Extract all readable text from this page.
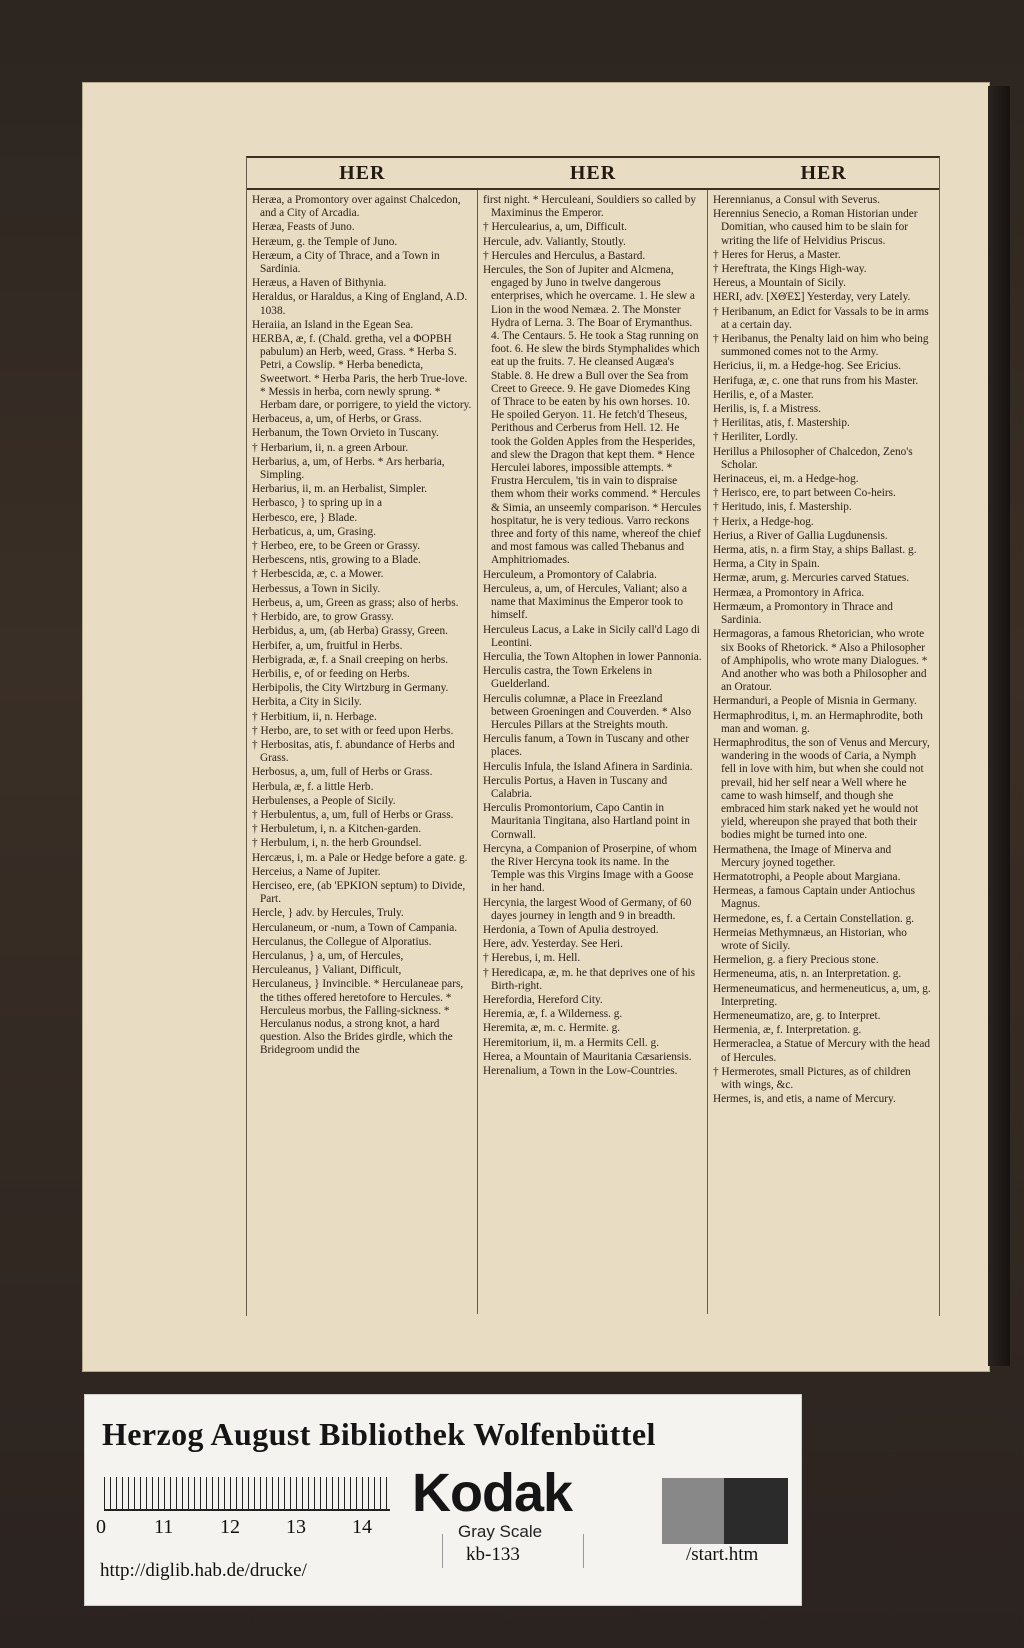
HER	HER	HER

Heræa, a Promontory over against Chalcedon, and a City of Arcadia.

Heræa, Feasts of Juno.

Heræum, g. the Temple of Juno.

Heræum, a City of Thrace, and a Town in Sardinia.

Heræus, a Haven of Bithynia.

Heraldus, or Haraldus, a King of England, A.D. 1038.

Heraiia, an Island in the Egean Sea.

HERBA, æ, f. (Chald. gretha, vel a ΦΟΡΒΗ pabulum) an Herb, weed, Grass. * Herba S. Petri, a Cowslip. * Herba benedicta, Sweetwort. * Herba Paris, the herb True-love. * Messis in herba, corn newly sprung. * Herbam dare, or porrigere, to yield the victory.

Herbaceus, a, um, of Herbs, or Grass.

Herbanum, the Town Orvieto in Tuscany.

† Herbarium, ii, n. a green Arbour.

Herbarius, a, um, of Herbs. * Ars herbaria, Simpling.

Herbarius, ii, m. an Herbalist, Simpler.

Herbasco, } to spring up in a

Herbesco, ere, } Blade.

Herbaticus, a, um, Grasing.

† Herbeo, ere, to be Green or Grassy.

Herbescens, ntis, growing to a Blade.

† Herbescida, æ, c. a Mower.

Herbessus, a Town in Sicily.

Herbeus, a, um, Green as grass; also of herbs.

† Herbido, are, to grow Grassy.

Herbidus, a, um, (ab Herba) Grassy, Green.

Herbifer, a, um, fruitful in Herbs.

Herbigrada, æ, f. a Snail creeping on herbs.

Herbilis, e, of or feeding on Herbs.

Herbipolis, the City Wirtzburg in Germany.

Herbita, a City in Sicily.

† Herbitium, ii, n. Herbage.

† Herbo, are, to set with or feed upon Herbs.

† Herbositas, atis, f. abundance of Herbs and Grass.

Herbosus, a, um, full of Herbs or Grass.

Herbula, æ, f. a little Herb.

Herbulenses, a People of Sicily.

† Herbulentus, a, um, full of Herbs or Grass.

† Herbuletum, i, n. a Kitchen-garden.

† Herbulum, i, n. the herb Groundsel.

Hercæus, i, m. a Pale or Hedge before a gate. g.

Herceius, a Name of Jupiter.

Herciseo, ere, (ab 'ΕΡΚΙΟΝ septum) to Divide, Part.

Hercle, } adv. by Hercules, Truly.

Herculaneum, or -num, a Town of Campania.

Herculanus, the Collegue of Alporatius.

Herculanus, } a, um, of Hercules,

Herculeanus, } Valiant, Difficult,

Herculaneus, } Invincible. * Herculaneae pars, the tithes offered heretofore to Hercules. * Herculeus morbus, the Falling-sickness. * Herculanus nodus, a strong knot, a hard question. Also the Brides girdle, which the Bridegroom undid the

first night. * Herculeani, Souldiers so called by Maximinus the Emperor.

† Herculearius, a, um, Difficult.

Hercule, adv. Valiantly, Stoutly.

† Hercules and Herculus, a Bastard.

Hercules, the Son of Jupiter and Alcmena, engaged by Juno in twelve dangerous enterprises, which he overcame. 1. He slew a Lion in the wood Nemæa. 2. The Monster Hydra of Lerna. 3. The Boar of Erymanthus. 4. The Centaurs. 5. He took a Stag running on foot. 6. He slew the birds Stymphalides which eat up the fruits. 7. He cleansed Augæa's Stable. 8. He drew a Bull over the Sea from Creet to Greece. 9. He gave Diomedes King of Thrace to be eaten by his own horses. 10. He spoiled Geryon. 11. He fetch'd Theseus, Perithous and Cerberus from Hell. 12. He took the Golden Apples from the Hesperides, and slew the Dragon that kept them. * Hence Herculei labores, impossible attempts. * Frustra Herculem, 'tis in vain to dispraise them whom their works commend. * Hercules & Simia, an unseemly comparison. * Hercules hospitatur, he is very tedious. Varro reckons three and forty of this name, whereof the chief and most famous was called Thebanus and Amphitriomades.

Herculeum, a Promontory of Calabria.

Herculeus, a, um, of Hercules, Valiant; also a name that Maximinus the Emperor took to himself.

Herculeus Lacus, a Lake in Sicily call'd Lago di Leontini.

Herculia, the Town Altophen in lower Pannonia.

Herculis castra, the Town Erkelens in Guelderland.

Herculis columnæ, a Place in Freezland between Groeningen and Couverden. * Also Hercules Pillars at the Streights mouth.

Herculis fanum, a Town in Tuscany and other places.

Herculis Infula, the Island Afinera in Sardinia.

Herculis Portus, a Haven in Tuscany and Calabria.

Herculis Promontorium, Capo Cantin in Mauritania Tingitana, also Hartland point in Cornwall.

Hercyna, a Companion of Proserpine, of whom the River Hercyna took its name. In the Temple was this Virgins Image with a Goose in her hand.

Hercynia, the largest Wood of Germany, of 60 dayes journey in length and 9 in breadth.

Herdonia, a Town of Apulia destroyed.

Here, adv. Yesterday. See Heri.

† Herebus, i, m. Hell.

† Heredicapa, æ, m. he that deprives one of his Birth-right.

Herefordia, Hereford City.

Heremia, æ, f. a Wilderness. g.

Heremita, æ, m. c. Hermite. g.

Heremitorium, ii, m. a Hermits Cell. g.

Herea, a Mountain of Mauritania Cæsariensis.

Herenalium, a Town in the Low-Countries.

Herennianus, a Consul with Severus.

Herennius Senecio, a Roman Historian under Domitian, who caused him to be slain for writing the life of Helvidius Priscus.

† Heres for Herus, a Master.

† Hereftrata, the Kings High-way.

Hereus, a Mountain of Sicily.

HERI, adv. [ΧΘΈΣ] Yesterday, very Lately.

† Heribanum, an Edict for Vassals to be in arms at a certain day.

† Heribanus, the Penalty laid on him who being summoned comes not to the Army.

Hericius, ii, m. a Hedge-hog. See Ericius.

Herifuga, æ, c. one that runs from his Master.

Herilis, e, of a Master.

Herilis, is, f. a Mistress.

† Herilitas, atis, f. Mastership.

† Heriliter, Lordly.

Herillus a Philosopher of Chalcedon, Zeno's Scholar.

Herinaceus, ei, m. a Hedge-hog.

† Herisco, ere, to part between Co-heirs.

† Heritudo, inis, f. Mastership.

† Herix, a Hedge-hog.

Herius, a River of Gallia Lugdunensis.

Herma, atis, n. a firm Stay, a ships Ballast. g.

Herma, a City in Spain.

Hermæ, arum, g. Mercuries carved Statues.

Hermæa, a Promontory in Africa.

Hermæum, a Promontory in Thrace and Sardinia.

Hermagoras, a famous Rhetorician, who wrote six Books of Rhetorick. * Also a Philosopher of Amphipolis, who wrote many Dialogues. * And another who was both a Philosopher and an Oratour.

Hermanduri, a People of Misnia in Germany.

Hermaphroditus, i, m. an Hermaphrodite, both man and woman. g.

Hermaphroditus, the son of Venus and Mercury, wandering in the woods of Caria, a Nymph fell in love with him, but when she could not prevail, hid her self near a Well where he came to wash himself, and though she embraced him stark naked yet he would not yield, whereupon she prayed that both their bodies might be turned into one.

Hermathena, the Image of Minerva and Mercury joyned together.

Hermatotrophi, a People about Margiana.

Hermeas, a famous Captain under Antiochus Magnus.

Hermedone, es, f. a Certain Constellation. g.

Hermeias Methymnæus, an Historian, who wrote of Sicily.

Hermelion, g. a fiery Precious stone.

Hermeneuma, atis, n. an Interpretation. g.

Hermeneumaticus, and hermeneuticus, a, um, g. Interpreting.

Hermeneumatizo, are, g. to Interpret.

Hermenia, æ, f. Interpretation. g.

Hermeraclea, a Statue of Mercury with the head of Hercules.

† Hermerotes, small Pictures, as of children with wings, &c.

Hermes, is, and etis, a name of Mercury.

Herzog August Bibliothek Wolfenbüttel
0 11 12 13 14
Kodak
Gray Scale
http://diglib.hab.de/drucke/
kb-133	/start.htm
